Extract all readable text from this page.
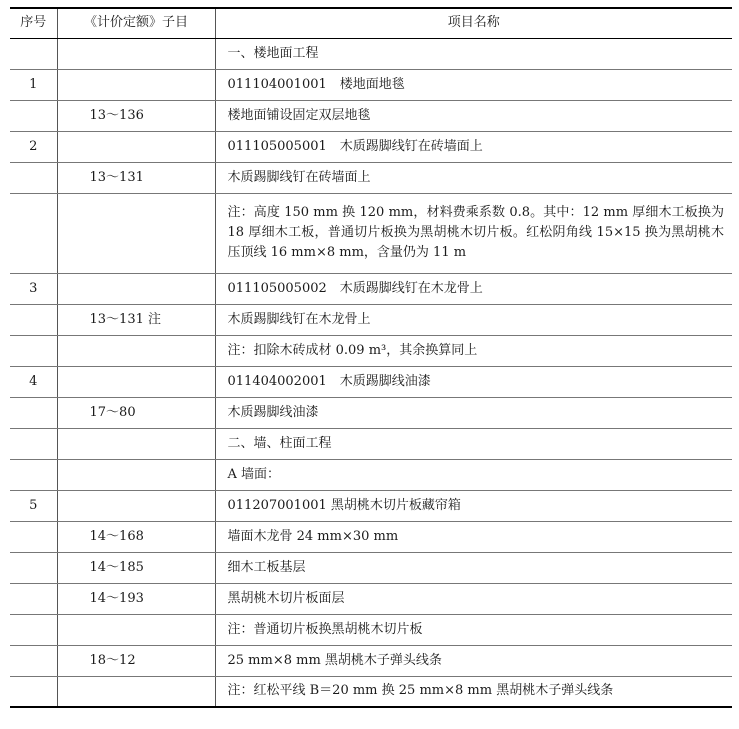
序号	《计价定额》子目	项目名称
		一、楼地面工程
1		011104001001　楼地面地毯
	13～136	楼地面铺设固定双层地毯
2		011105005001　木质踢脚线钉在砖墙面上
	13～131	木质踢脚线钉在砖墙面上
		注：高度 150 mm 换 120 mm，材料费乘系数 0.8。其中：12 mm 厚细木工板换为 18 厚细木工板，普通切片板换为黑胡桃木切片板。红松阴角线 15×15 换为黑胡桃木压顶线 16 mm×8 mm，含量仍为 11 m
3		011105005002　木质踢脚线钉在木龙骨上
	13～131 注	木质踢脚线钉在木龙骨上
		注：扣除木砖成材 0.09 m³，其余换算同上
4		011404002001　木质踢脚线油漆
	17～80	木质踢脚线油漆
		二、墙、柱面工程
		A 墙面：
5		011207001001 黑胡桃木切片板藏帘箱
	14～168	墙面木龙骨 24 mm×30 mm
	14～185	细木工板基层
	14～193	黑胡桃木切片板面层
		注：普通切片板换黑胡桃木切片板
	18～12	25 mm×8 mm 黑胡桃木子弹头线条
		注：红松平线 B＝20 mm 换 25 mm×8 mm 黑胡桃木子弹头线条
